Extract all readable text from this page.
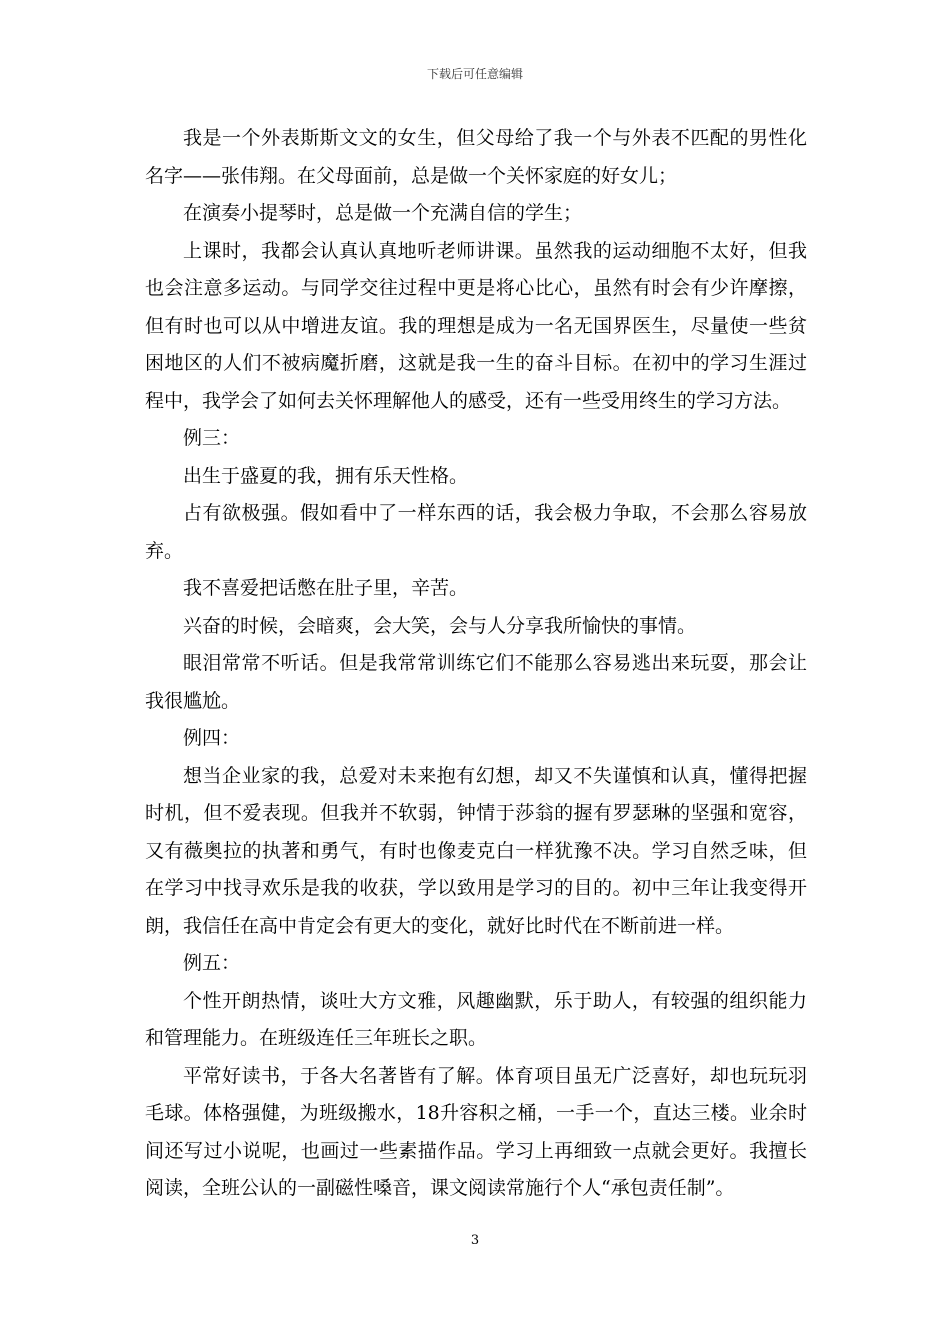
下载后可任意编辑

我是一个外表斯斯文文的女生，但父母给了我一个与外表不匹配的男性化名字——张伟翔。在父母面前，总是做一个关怀家庭的好女儿；

在演奏小提琴时，总是做一个充满自信的学生；

上课时，我都会认真认真地听老师讲课。虽然我的运动细胞不太好，但我也会注意多运动。与同学交往过程中更是将心比心，虽然有时会有少许摩擦，但有时也可以从中增进友谊。我的理想是成为一名无国界医生，尽量使一些贫困地区的人们不被病魔折磨，这就是我一生的奋斗目标。在初中的学习生涯过程中，我学会了如何去关怀理解他人的感受，还有一些受用终生的学习方法。

例三：

出生于盛夏的我，拥有乐天性格。

占有欲极强。假如看中了一样东西的话，我会极力争取，不会那么容易放弃。

我不喜爱把话憋在肚子里，辛苦。

兴奋的时候，会暗爽，会大笑，会与人分享我所愉快的事情。

眼泪常常不听话。但是我常常训练它们不能那么容易逃出来玩耍，那会让我很尴尬。

例四：

想当企业家的我，总爱对未来抱有幻想，却又不失谨慎和认真，懂得把握时机，但不爱表现。但我并不软弱，钟情于莎翁的握有罗瑟琳的坚强和宽容，又有薇奥拉的执著和勇气，有时也像麦克白一样犹豫不决。学习自然乏味，但在学习中找寻欢乐是我的收获，学以致用是学习的目的。初中三年让我变得开朗，我信任在高中肯定会有更大的变化，就好比时代在不断前进一样。

例五：

个性开朗热情，谈吐大方文雅，风趣幽默，乐于助人，有较强的组织能力和管理能力。在班级连任三年班长之职。

平常好读书，于各大名著皆有了解。体育项目虽无广泛喜好，却也玩玩羽毛球。体格强健，为班级搬水，18升容积之桶，一手一个，直达三楼。业余时间还写过小说呢，也画过一些素描作品。学习上再细致一点就会更好。我擅长阅读，全班公认的一副磁性嗓音，课文阅读常施行个人“承包责任制”。

3
